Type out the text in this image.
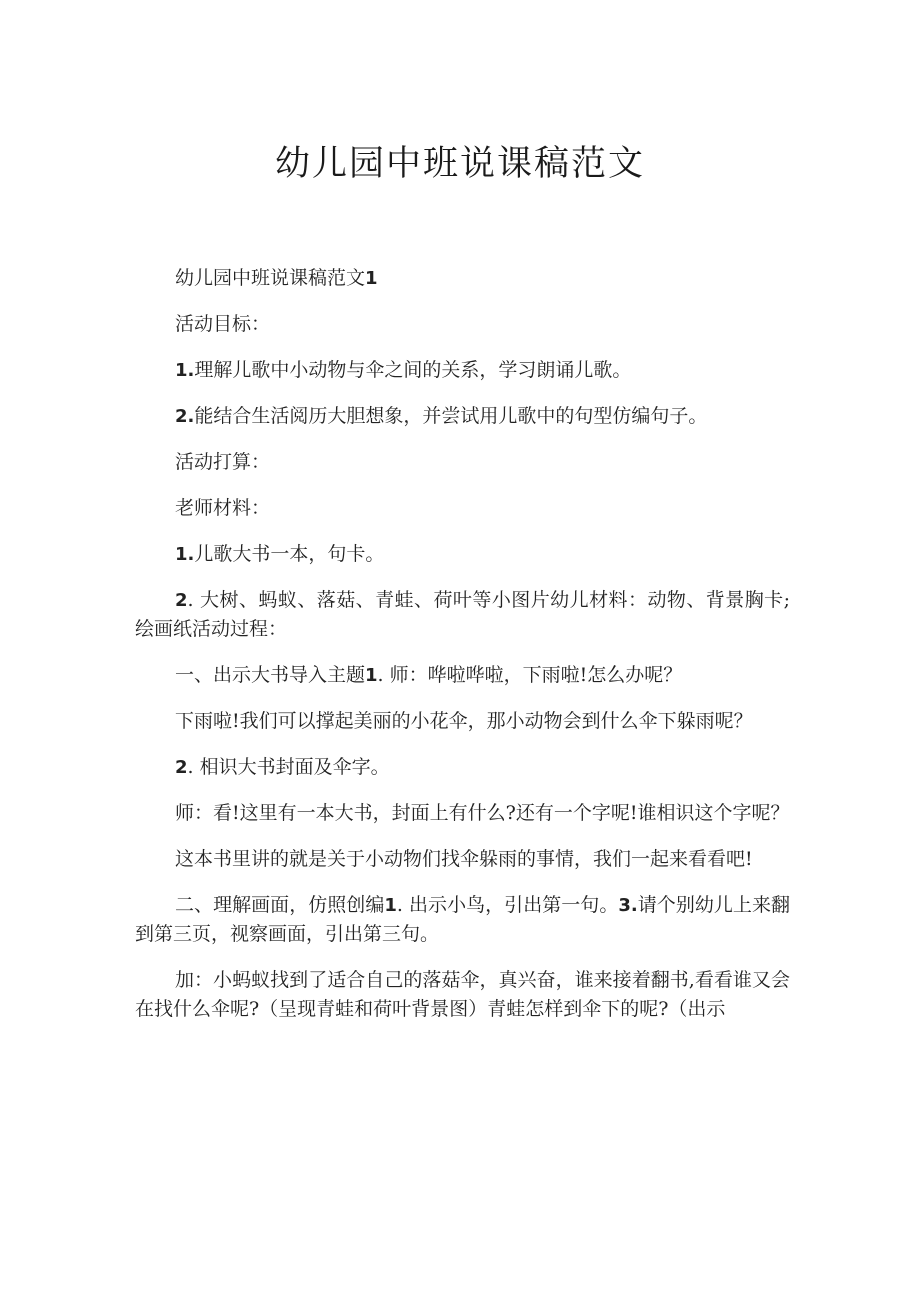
幼儿园中班说课稿范文

幼儿园中班说课稿范文1

活动目标：

1.理解儿歌中小动物与伞之间的关系，学习朗诵儿歌。

2.能结合生活阅历大胆想象，并尝试用儿歌中的句型仿编句子。

活动打算：

老师材料：

1.儿歌大书一本，句卡。

2. 大树、蚂蚁、落菇、青蛙、荷叶等小图片幼儿材料：动物、背景胸卡;绘画纸活动过程：

一、出示大书导入主题1. 师：哗啦哗啦，下雨啦!怎么办呢？

下雨啦!我们可以撑起美丽的小花伞，那小动物会到什么伞下躲雨呢？

2. 相识大书封面及伞字。

师：看!这里有一本大书，封面上有什么?还有一个字呢!谁相识这个字呢？

这本书里讲的就是关于小动物们找伞躲雨的事情，我们一起来看看吧!

二、理解画面，仿照创编1. 出示小鸟，引出第一句。3.请个别幼儿上来翻到第三页，视察画面，引出第三句。

加：小蚂蚁找到了适合自己的落菇伞，真兴奋，谁来接着翻书,看看谁又会在找什么伞呢?（呈现青蛙和荷叶背景图）青蛙怎样到伞下的呢?（出示
